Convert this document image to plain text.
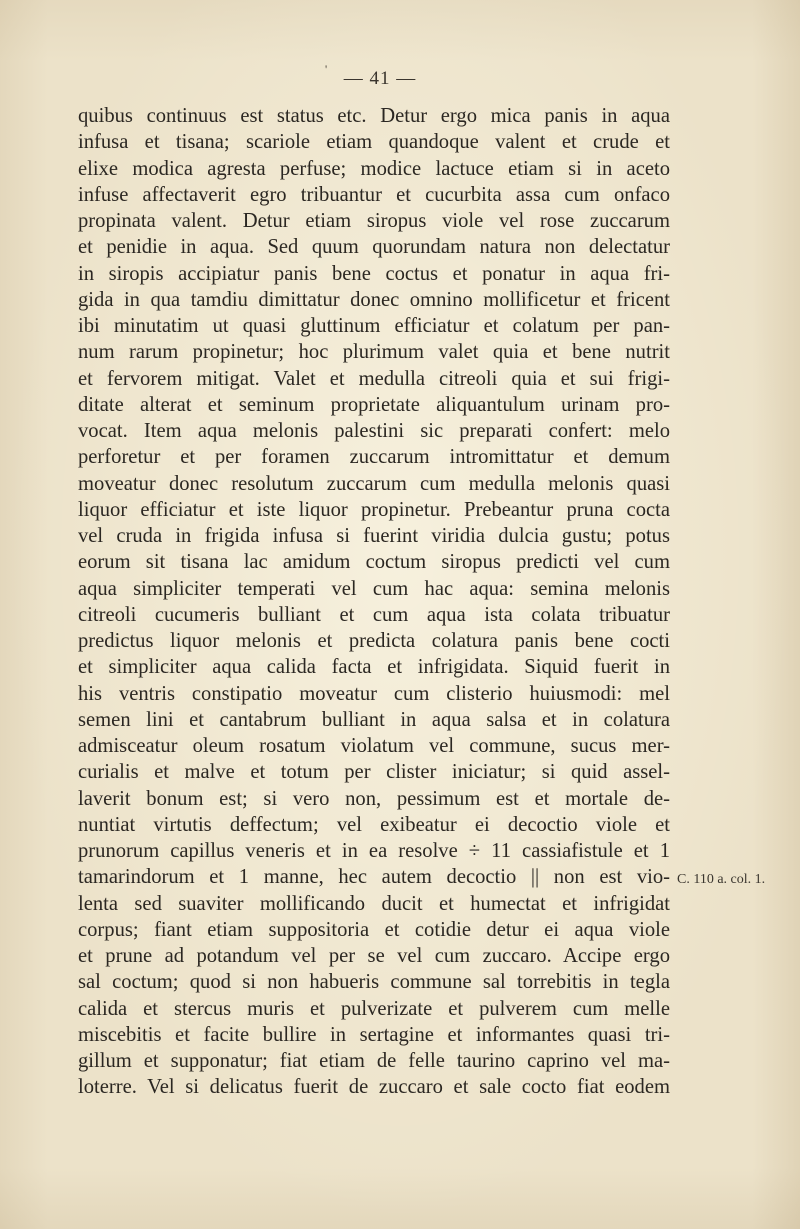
' — 41 —
quibus continuus est status etc. Detur ergo mica panis in aqua
infusa et tisana; scariole etiam quandoque valent et crude et
elixe modica agresta perfuse; modice lactuce etiam si in aceto
infuse affectaverit egro tribuantur et cucurbita assa cum onfaco
propinata valent. Detur etiam siropus viole vel rose zuccarum
et penidie in aqua. Sed quum quorundam natura non delectatur
in siropis accipiatur panis bene coctus et ponatur in aqua fri-
gida in qua tamdiu dimittatur donec omnino mollificetur et fricent
ibi minutatim ut quasi gluttinum efficiatur et colatum per pan-
num rarum propinetur; hoc plurimum valet quia et bene nutrit
et fervorem mitigat. Valet et medulla citreoli quia et sui frigi-
ditate alterat et seminum proprietate aliquantulum urinam pro-
vocat. Item aqua melonis palestini sic preparati confert: melo
perforetur et per foramen zuccarum intromittatur et demum
moveatur donec resolutum zuccarum cum medulla melonis quasi
liquor efficiatur et iste liquor propinetur. Prebeantur pruna cocta
vel cruda in frigida infusa si fuerint viridia dulcia gustu; potus
eorum sit tisana lac amidum coctum siropus predicti vel cum
aqua simpliciter temperati vel cum hac aqua: semina melonis
citreoli cucumeris bulliant et cum aqua ista colata tribuatur
predictus liquor melonis et predicta colatura panis bene cocti
et simpliciter aqua calida facta et infrigidata. Siquid fuerit in
his ventris constipatio moveatur cum clisterio huiusmodi: mel
semen lini et cantabrum bulliant in aqua salsa et in colatura
admisceatur oleum rosatum violatum vel commune, sucus mer-
curialis et malve et totum per clister iniciatur; si quid assel-
laverit bonum est; si vero non, pessimum est et mortale de-
nuntiat virtutis deffectum; vel exibeatur ei decoctio viole et
prunorum capillus veneris et in ea resolve ÷ 11 cassiafistule et 1
tamarindorum et 1 manne, hec autem decoctio || non est vio-
lenta sed suaviter mollificando ducit et humectat et infrigidat
corpus; fiant etiam suppositoria et cotidie detur ei aqua viole
et prune ad potandum vel per se vel cum zuccaro. Accipe ergo
sal coctum; quod si non habueris commune sal torrebitis in tegla
calida et stercus muris et pulverizate et pulverem cum melle
miscebitis et facite bullire in sertagine et informantes quasi tri-
gillum et supponatur; fiat etiam de felle taurino caprino vel ma-
loterre. Vel si delicatus fuerit de zuccaro et sale cocto fiat eodem
C. 110 a. col. 1.
